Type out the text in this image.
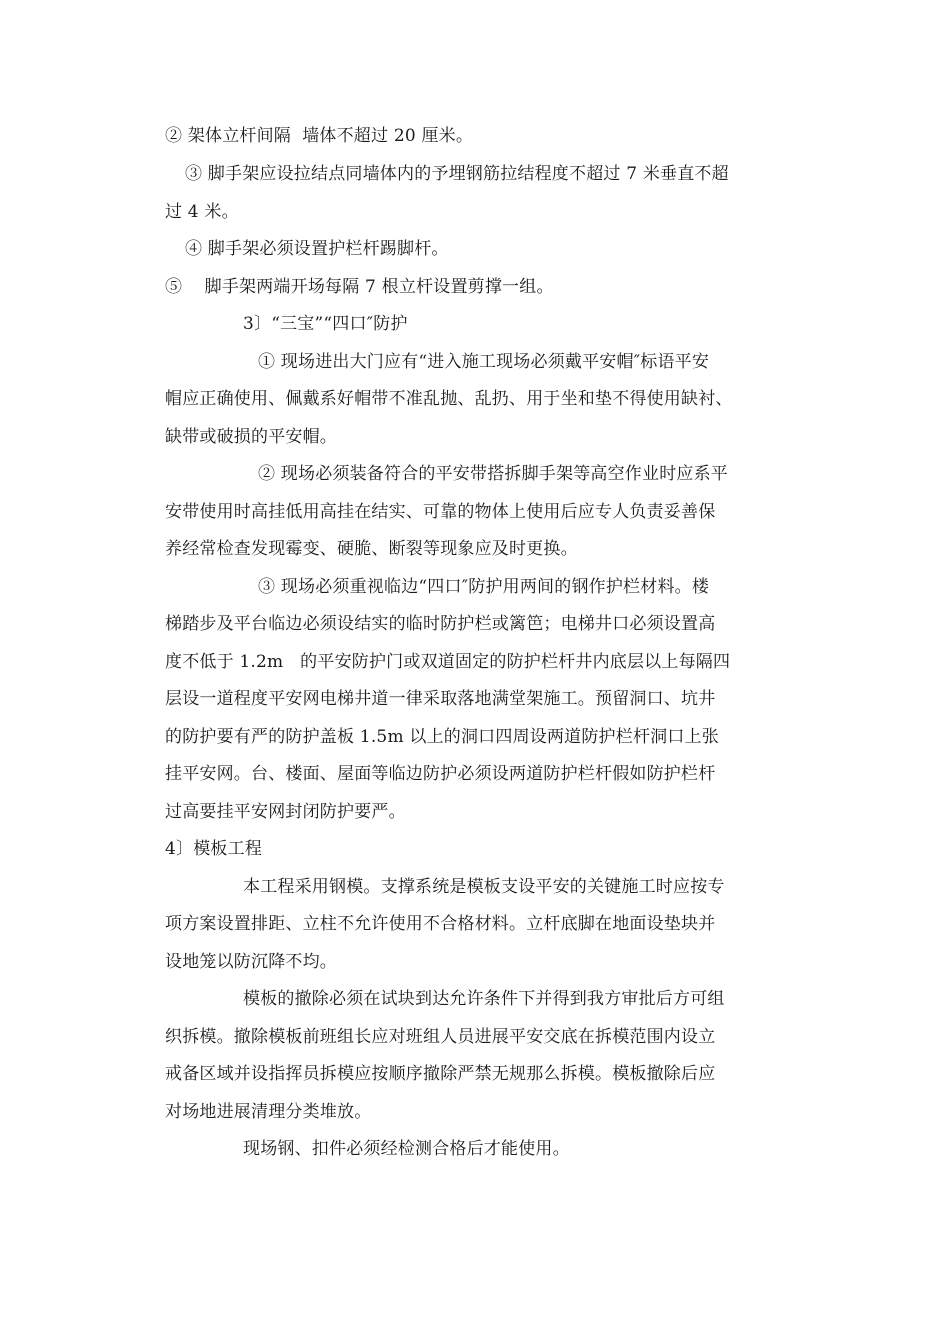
② 架体立杆间隔  墙体不超过 20 厘米。
③ 脚手架应设拉结点同墙体内的予埋钢筋拉结程度不超过 7 米垂直不超
过 4 米。
④ 脚手架必须设置护栏杆踢脚杆。
⑤    脚手架两端开场每隔 7 根立杆设置剪撑一组。
3〕“三宝”“四口″防护
① 现场进出大门应有“进入施工现场必须戴平安帽″标语平安
帽应正确使用、佩戴系好帽带不准乱抛、乱扔、用于坐和垫不得使用缺衬、
缺带或破损的平安帽。
② 现场必须装备符合的平安带搭拆脚手架等高空作业时应系平
安带使用时高挂低用高挂在结实、可靠的物体上使用后应专人负责妥善保
养经常检查发现霉变、硬脆、断裂等现象应及时更换。
③ 现场必须重视临边“四口″防护用两间的钢作护栏材料。楼
梯踏步及平台临边必须设结实的临时防护栏或篱笆；电梯井口必须设置高
度不低于 1.2m   的平安防护门或双道固定的防护栏杆井内底层以上每隔四
层设一道程度平安网电梯井道一律采取落地满堂架施工。预留洞口、坑井
的防护要有严的防护盖板 1.5m 以上的洞口四周设两道防护栏杆洞口上张
挂平安网。台、楼面、屋面等临边防护必须设两道防护栏杆假如防护栏杆
过高要挂平安网封闭防护要严。
4〕模板工程
本工程采用钢模。支撑系统是模板支设平安的关键施工时应按专
项方案设置排距、立柱不允许使用不合格材料。立杆底脚在地面设垫块并
设地笼以防沉降不均。
模板的撤除必须在试块到达允许条件下并得到我方审批后方可组
织拆模。撤除模板前班组长应对班组人员进展平安交底在拆模范围内设立
戒备区域并设指挥员拆模应按顺序撤除严禁无规那么拆模。模板撤除后应
对场地进展清理分类堆放。
现场钢、扣件必须经检测合格后才能使用。
